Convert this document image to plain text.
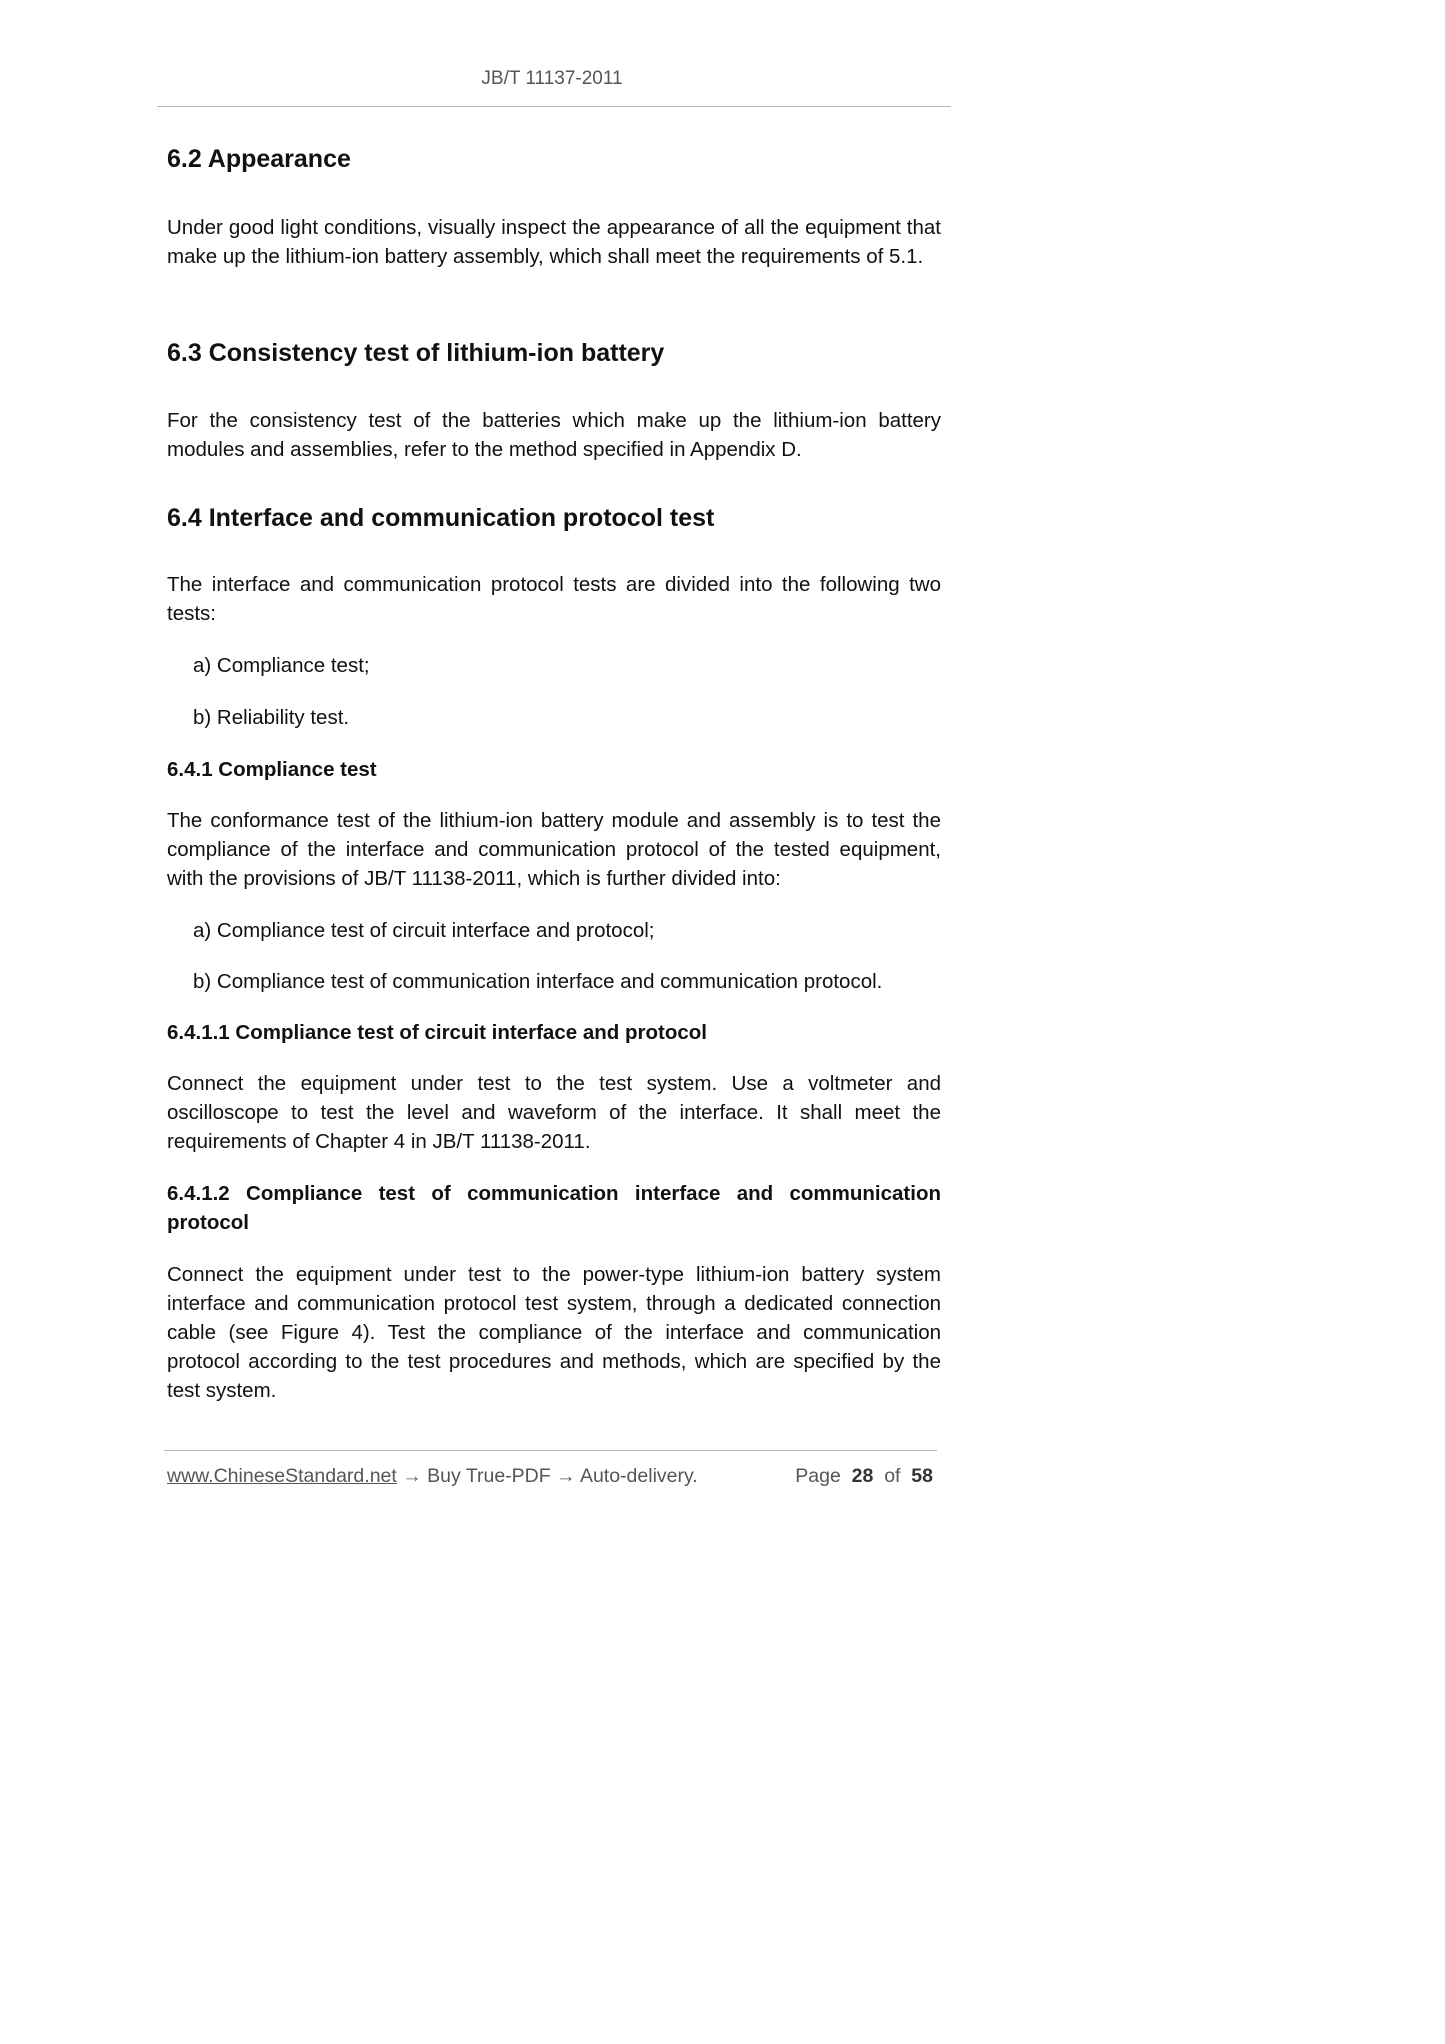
JB/T 11137-2011
6.2 Appearance
Under good light conditions, visually inspect the appearance of all the equipment that make up the lithium-ion battery assembly, which shall meet the requirements of 5.1.
6.3 Consistency test of lithium-ion battery
For the consistency test of the batteries which make up the lithium-ion battery modules and assemblies, refer to the method specified in Appendix D.
6.4 Interface and communication protocol test
The interface and communication protocol tests are divided into the following two tests:
a) Compliance test;
b) Reliability test.
6.4.1 Compliance test
The conformance test of the lithium-ion battery module and assembly is to test the compliance of the interface and communication protocol of the tested equipment, with the provisions of JB/T 11138-2011, which is further divided into:
a) Compliance test of circuit interface and protocol;
b) Compliance test of communication interface and communication protocol.
6.4.1.1 Compliance test of circuit interface and protocol
Connect the equipment under test to the test system. Use a voltmeter and oscilloscope to test the level and waveform of the interface. It shall meet the requirements of Chapter 4 in JB/T 11138-2011.
6.4.1.2 Compliance test of communication interface and communication protocol
Connect the equipment under test to the power-type lithium-ion battery system interface and communication protocol test system, through a dedicated connection cable (see Figure 4). Test the compliance of the interface and communication protocol according to the test procedures and methods, which are specified by the test system.
www.ChineseStandard.net → Buy True-PDF → Auto-delivery.	Page 28 of 58
